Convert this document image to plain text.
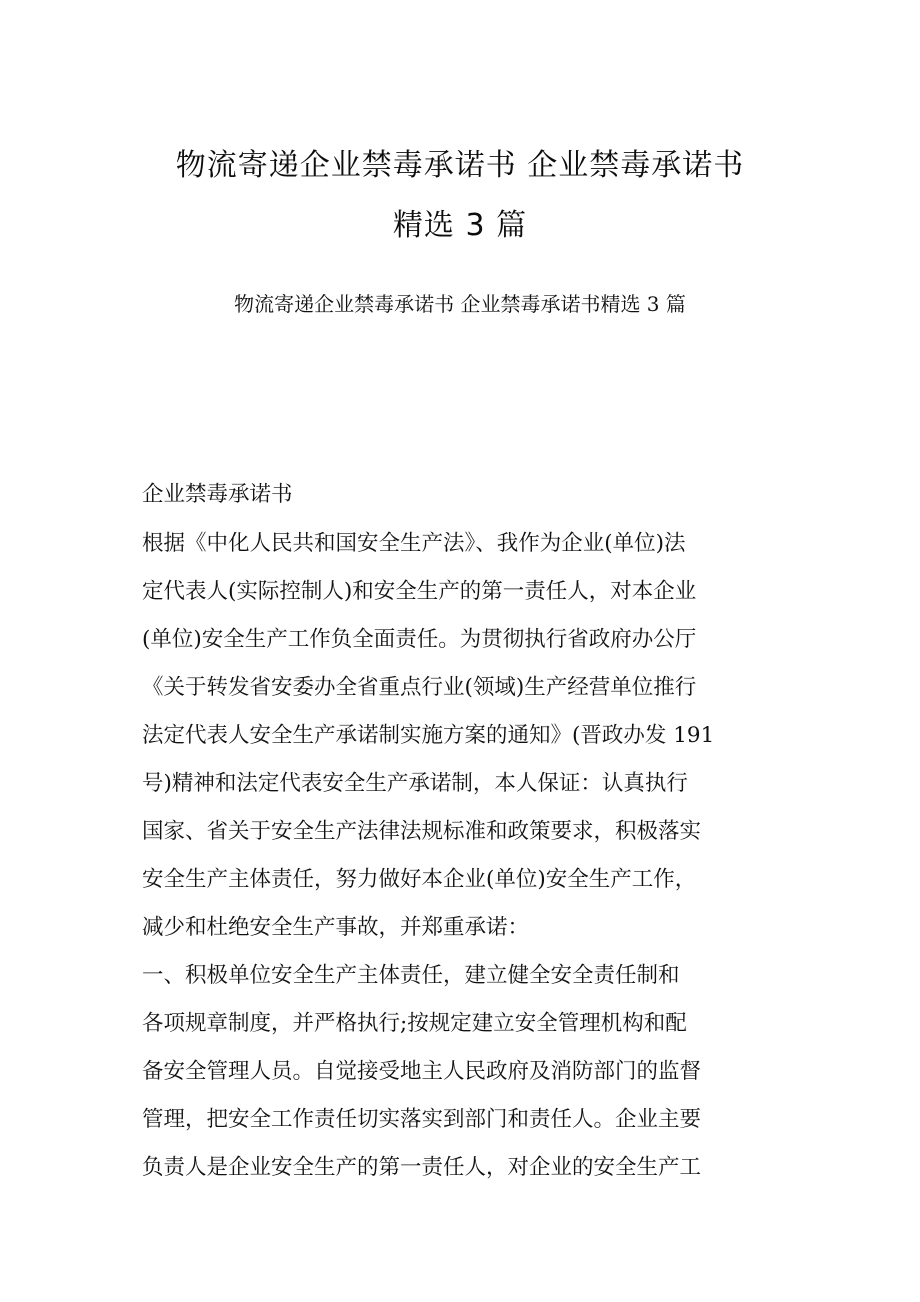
物流寄递企业禁毒承诺书 企业禁毒承诺书
精选 3 篇
物流寄递企业禁毒承诺书 企业禁毒承诺书精选 3 篇
企业禁毒承诺书
根据《中化人民共和国安全生产法》、我作为企业(单位)法
定代表人(实际控制人)和安全生产的第一责任人，对本企业
(单位)安全生产工作负全面责任。为贯彻执行省政府办公厅
《关于转发省安委办全省重点行业(领域)生产经营单位推行
法定代表人安全生产承诺制实施方案的通知》(晋政办发 191
号)精神和法定代表安全生产承诺制，本人保证：认真执行
国家、省关于安全生产法律法规标准和政策要求，积极落实
安全生产主体责任，努力做好本企业(单位)安全生产工作，
减少和杜绝安全生产事故，并郑重承诺：
一、积极单位安全生产主体责任，建立健全安全责任制和
各项规章制度，并严格执行;按规定建立安全管理机构和配
备安全管理人员。自觉接受地主人民政府及消防部门的监督
管理，把安全工作责任切实落实到部门和责任人。企业主要
负责人是企业安全生产的第一责任人，对企业的安全生产工
